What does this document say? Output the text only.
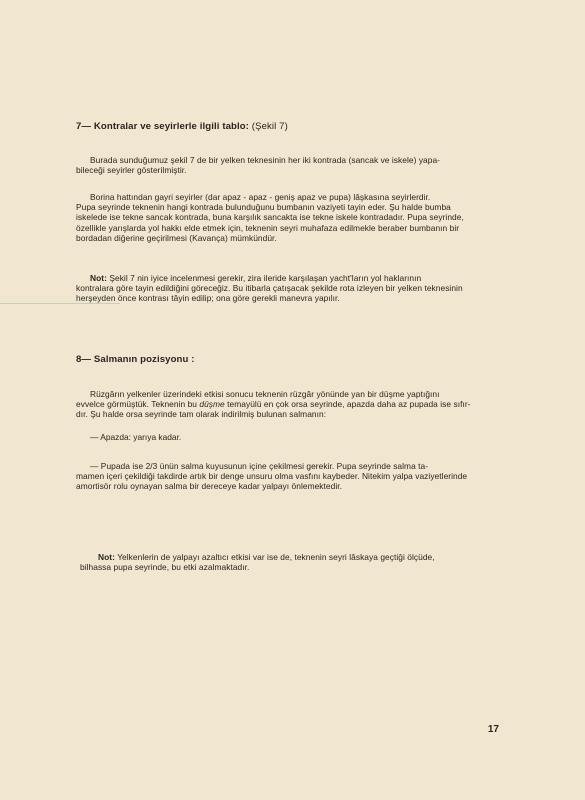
7— Kontralar ve seyirlerle ilgili tablo: (Şekil 7)
Burada sunduğumuz şekil 7 de bir yelken teknesinin her iki kontrada (sancak ve iskele) yapa-
bileceği seyirler gösterilmiştir.
Borina hattından gayri seyirler (dar apaz - apaz - geniş apaz ve pupa) lâşkasına seyirlerdir.
Pupa seyrinde teknenin hangi kontrada bulunduğunu bumbanın vaziyeti tayin eder. Şu halde bumba
iskelede ise tekne sancak kontrada, buna karşılık sancakta ise tekne iskele kontradadır. Pupa seyrinde,
özellikle yarışlarda yol hakkı elde etmek için, teknenin seyri muhafaza edilmekle beraber bumbanın bir
bordadan diğerine geçirilmesi (Kavança) mümkündür.
Not: Şekil 7 nin iyice incelenmesi gerekir, zira ileride karşılaşan yacht'ların yol haklarının
kontralara göre tayin edildiğini göreceğiz. Bu itibarla çatışacak şekilde rota izleyen bir yelken teknesinin
herşeyden önce kontrası tâyin edilip; ona göre gerekli manevra yapılır.
8— Salmanın pozisyonu :
Rüzgârın yelkenler üzerindeki etkisi sonucu teknenin rüzgâr yönünde yan bir düşme yaptığını
evvelce görmüştük. Teknenin bu düşme temayülü en çok orsa seyrinde, apazda daha az pupada ise sıfır-
dır. Şu halde orsa seyrinde tam olarak indirilmiş bulunan salmanın:
— Apazda: yarıya kadar.
— Pupada ise 2/3 ünün salma kuyusunun içine çekilmesi gerekir. Pupa seyrinde salma ta-
mamen içeri çekildiği takdirde artık bir denge unsuru olma vasfını kaybeder. Nitekim yalpa vaziyetlerinde
amortisör rolu oynayan salma bir dereceye kadar yalpayı önlemektedir.
Not: Yelkenlerin de yalpayı azaltıcı etkisi var ise de, teknenin seyri lâskaya geçtiği ölçüde,
bilhassa pupa seyrinde, bu etki azalmaktadır.
17
